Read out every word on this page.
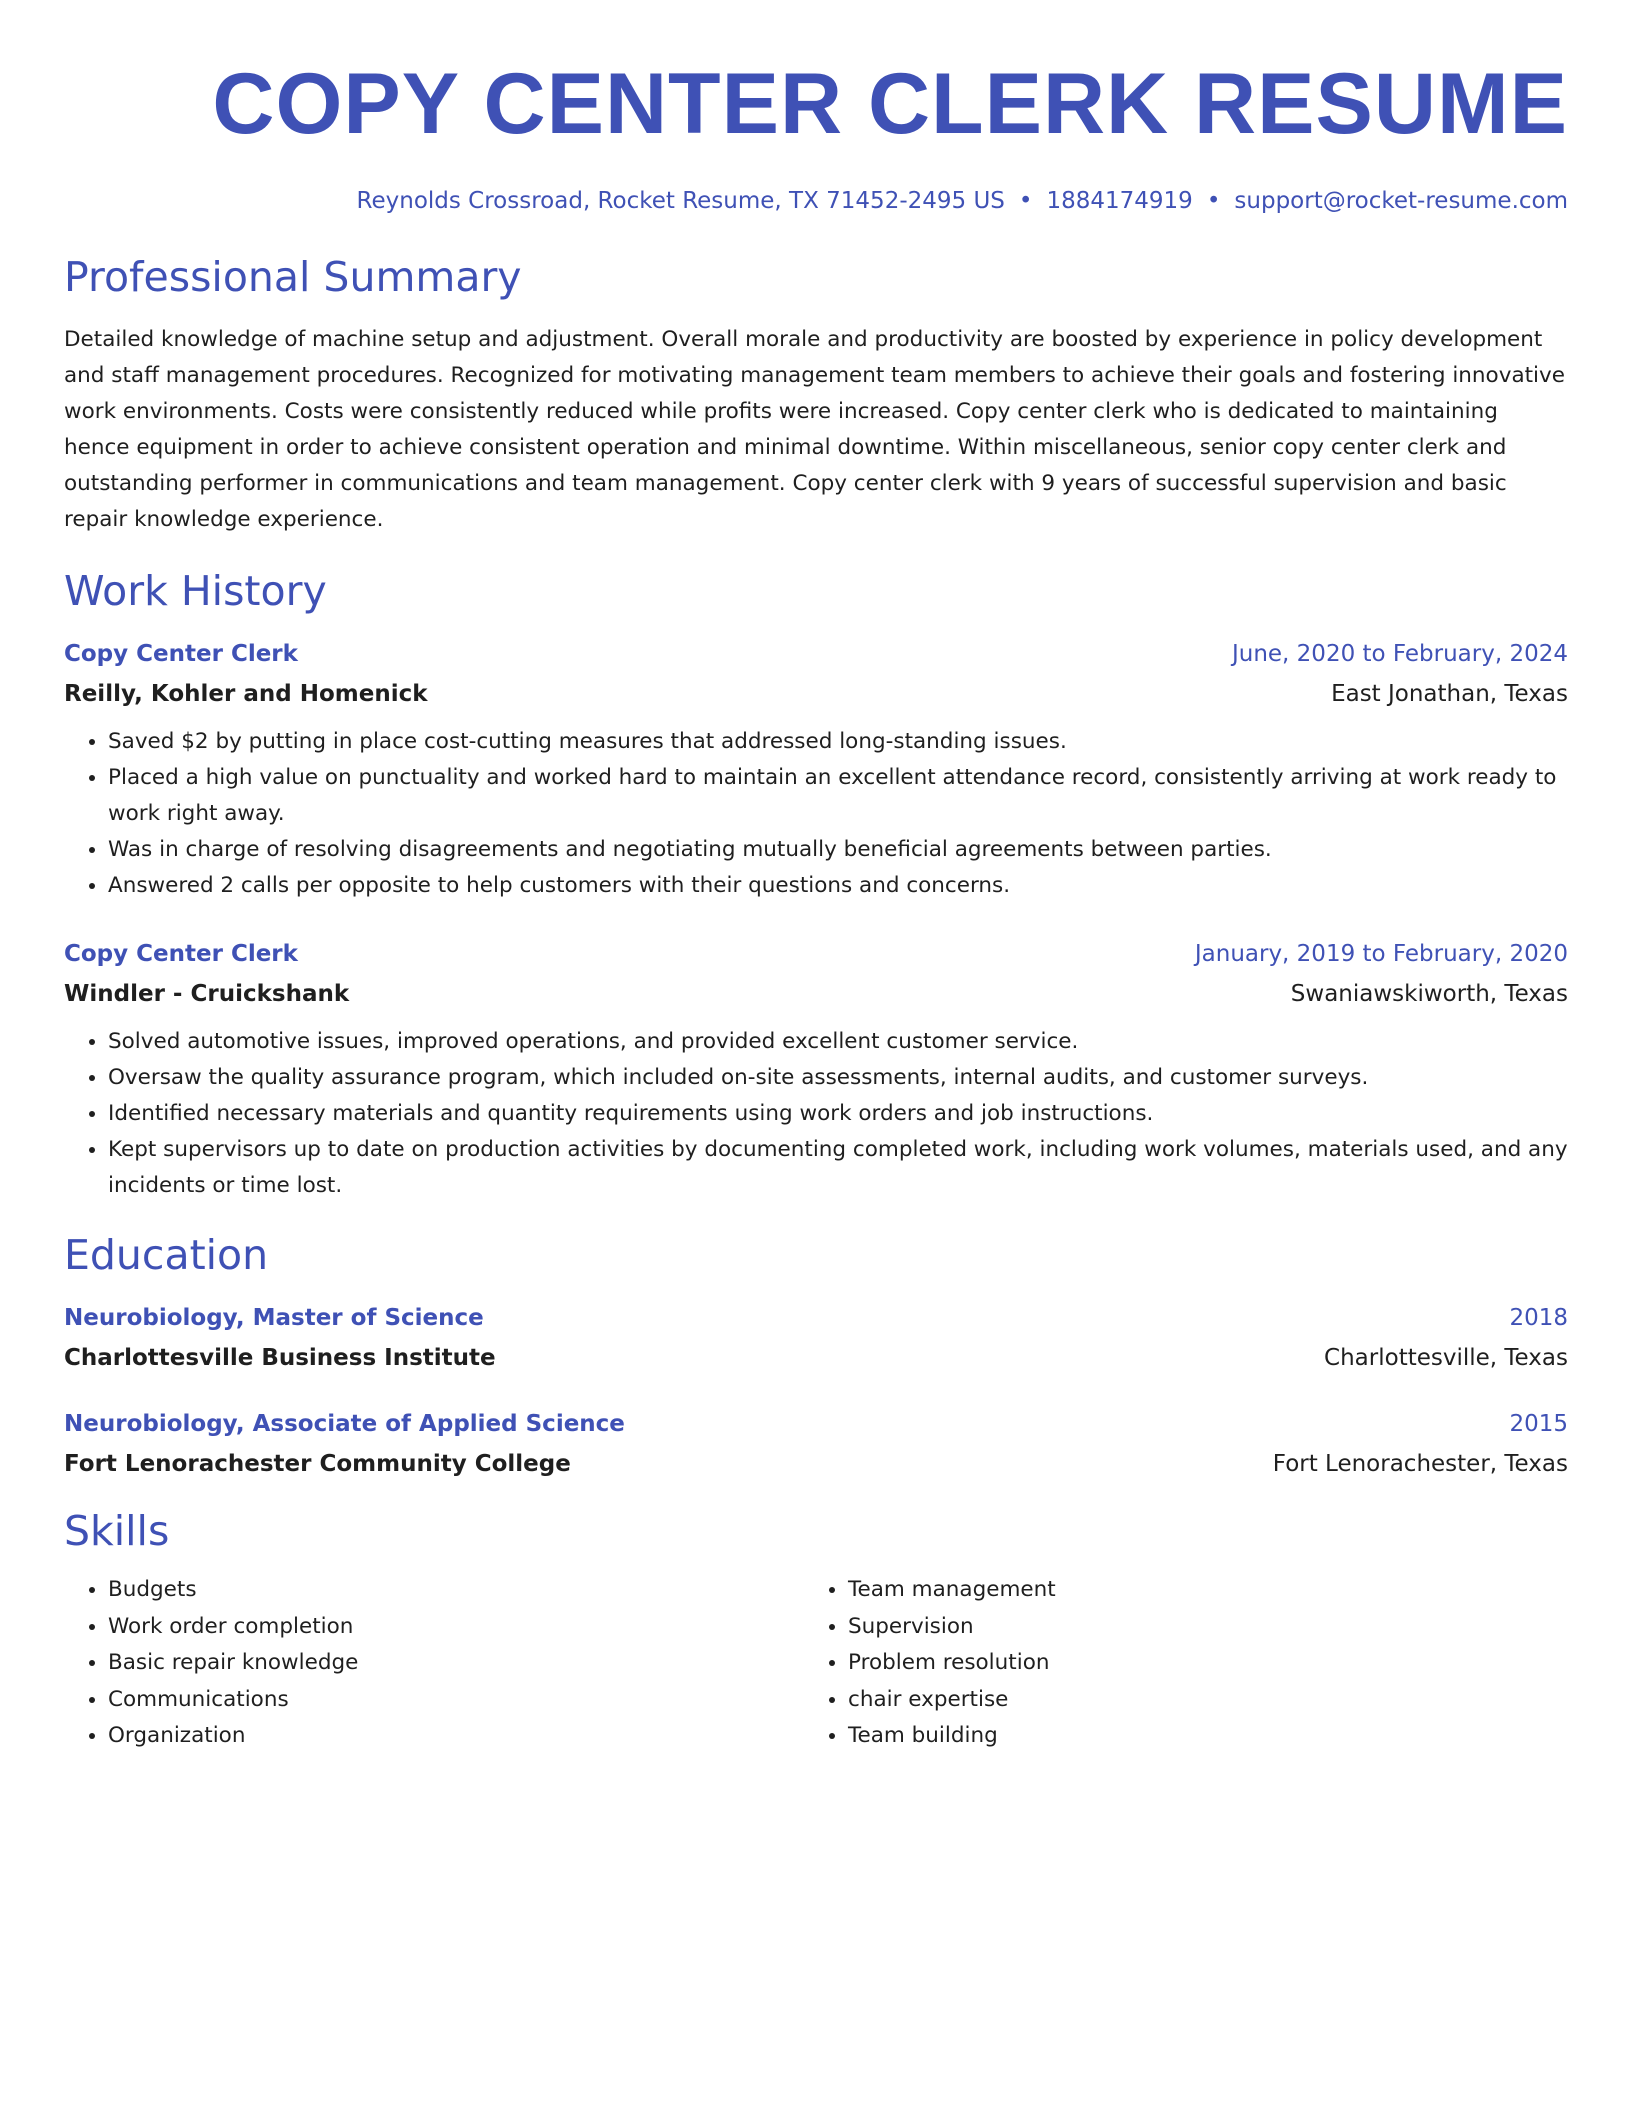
COPY CENTER CLERK RESUME
Reynolds Crossroad, Rocket Resume, TX 71452-2495 US • 1884174919 • support@rocket-resume.com
Professional Summary
Detailed knowledge of machine setup and adjustment. Overall morale and productivity are boosted by experience in policy development and staff management procedures. Recognized for motivating management team members to achieve their goals and fostering innovative work environments. Costs were consistently reduced while profits were increased. Copy center clerk who is dedicated to maintaining hence equipment in order to achieve consistent operation and minimal downtime. Within miscellaneous, senior copy center clerk and outstanding performer in communications and team management. Copy center clerk with 9 years of successful supervision and basic repair knowledge experience.
Work History
Copy Center Clerk	June, 2020 to February, 2024
Reilly, Kohler and Homenick	East Jonathan, Texas
• Saved $2 by putting in place cost-cutting measures that addressed long-standing issues.
• Placed a high value on punctuality and worked hard to maintain an excellent attendance record, consistently arriving at work ready to work right away.
• Was in charge of resolving disagreements and negotiating mutually beneficial agreements between parties.
• Answered 2 calls per opposite to help customers with their questions and concerns.
Copy Center Clerk	January, 2019 to February, 2020
Windler - Cruickshank	Swaniawskiworth, Texas
• Solved automotive issues, improved operations, and provided excellent customer service.
• Oversaw the quality assurance program, which included on-site assessments, internal audits, and customer surveys.
• Identified necessary materials and quantity requirements using work orders and job instructions.
• Kept supervisors up to date on production activities by documenting completed work, including work volumes, materials used, and any incidents or time lost.
Education
Neurobiology, Master of Science	2018
Charlottesville Business Institute	Charlottesville, Texas
Neurobiology, Associate of Applied Science	2015
Fort Lenorachester Community College	Fort Lenorachester, Texas
Skills
• Budgets
• Work order completion
• Basic repair knowledge
• Communications
• Organization
• Team management
• Supervision
• Problem resolution
• chair expertise
• Team building
